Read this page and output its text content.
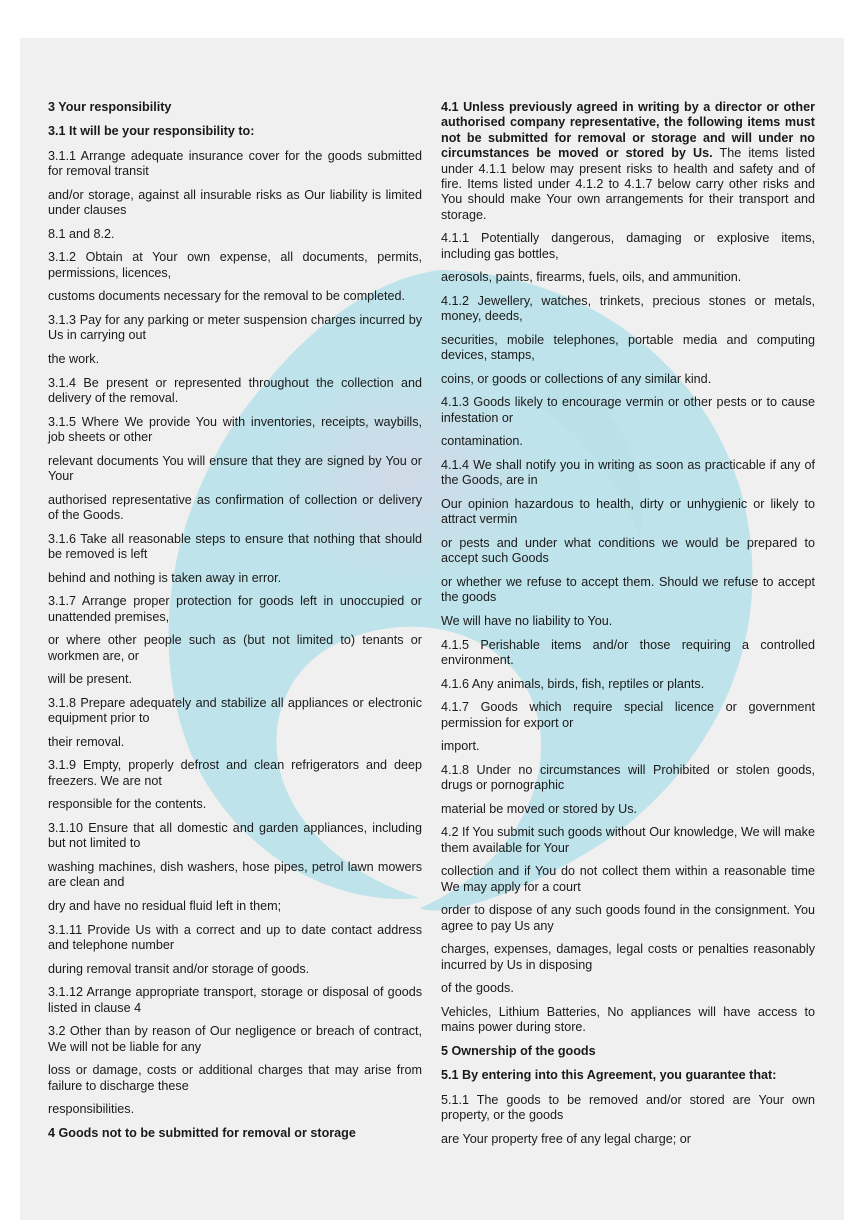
3 Your responsibility

3.1 It will be your responsibility to:

3.1.1 Arrange adequate insurance cover for the goods submitted for removal transit

and/or storage, against all insurable risks as Our liability is limited under clauses

8.1 and 8.2.

3.1.2 Obtain at Your own expense, all documents, permits, permissions, licences,

customs documents necessary for the removal to be completed.

3.1.3 Pay for any parking or meter suspension charges incurred by Us in carrying out

the work.

3.1.4 Be present or represented throughout the collection and delivery of the removal.

3.1.5 Where We provide You with inventories, receipts, waybills, job sheets or other

relevant documents You will ensure that they are signed by You or Your

authorised representative as confirmation of collection or delivery of the Goods.

3.1.6 Take all reasonable steps to ensure that nothing that should be removed is left

behind and nothing is taken away in error.

3.1.7 Arrange proper protection for goods left in unoccupied or unattended premises,

or where other people such as (but not limited to) tenants or workmen are, or

will be present.

3.1.8 Prepare adequately and stabilize all appliances or electronic equipment prior to

their removal.

3.1.9 Empty, properly defrost and clean refrigerators and deep freezers. We are not

responsible for the contents.

3.1.10 Ensure that all domestic and garden appliances, including but not limited to

washing machines, dish washers, hose pipes, petrol lawn mowers are clean and

dry and have no residual fluid left in them;

3.1.11 Provide Us with a correct and up to date contact address and telephone number

during removal transit and/or storage of goods.

3.1.12 Arrange appropriate transport, storage or disposal of goods listed in clause 4

3.2 Other than by reason of Our negligence or breach of contract, We will not be liable for any

loss or damage, costs or additional charges that may arise from failure to discharge these

responsibilities.

4 Goods not to be submitted for removal or storage

4.1 Unless previously agreed in writing by a director or other authorised company representative, the following items must not be submitted for removal or storage and will under no circumstances be moved or stored by Us. The items listed under 4.1.1 below may present risks to health and safety and of fire. Items listed under 4.1.2 to 4.1.7 below carry other risks and You should make Your own arrangements for their transport and storage.

4.1.1 Potentially dangerous, damaging or explosive items, including gas bottles,

aerosols, paints, firearms, fuels, oils, and ammunition.

4.1.2 Jewellery, watches, trinkets, precious stones or metals, money, deeds,

securities, mobile telephones, portable media and computing devices, stamps,

coins, or goods or collections of any similar kind.

4.1.3 Goods likely to encourage vermin or other pests or to cause infestation or

contamination.

4.1.4 We shall notify you in writing as soon as practicable if any of the Goods, are in

Our opinion hazardous to health, dirty or unhygienic or likely to attract vermin

or pests and under what conditions we would be prepared to accept such Goods

or whether we refuse to accept them. Should we refuse to accept the goods

We will have no liability to You.

4.1.5 Perishable items and/or those requiring a controlled environment.

4.1.6 Any animals, birds, fish, reptiles or plants.

4.1.7 Goods which require special licence or government permission for export or

import.

4.1.8 Under no circumstances will Prohibited or stolen goods, drugs or pornographic

material be moved or stored by Us.

4.2 If You submit such goods without Our knowledge, We will make them available for Your

collection and if You do not collect them within a reasonable time We may apply for a court

order to dispose of any such goods found in the consignment. You agree to pay Us any

charges, expenses, damages, legal costs or penalties reasonably incurred by Us in disposing

of the goods.

Vehicles, Lithium Batteries, No appliances will have access to mains power during store.

5 Ownership of the goods

5.1 By entering into this Agreement, you guarantee that:

5.1.1 The goods to be removed and/or stored are Your own property, or the goods

are Your property free of any legal charge; or
